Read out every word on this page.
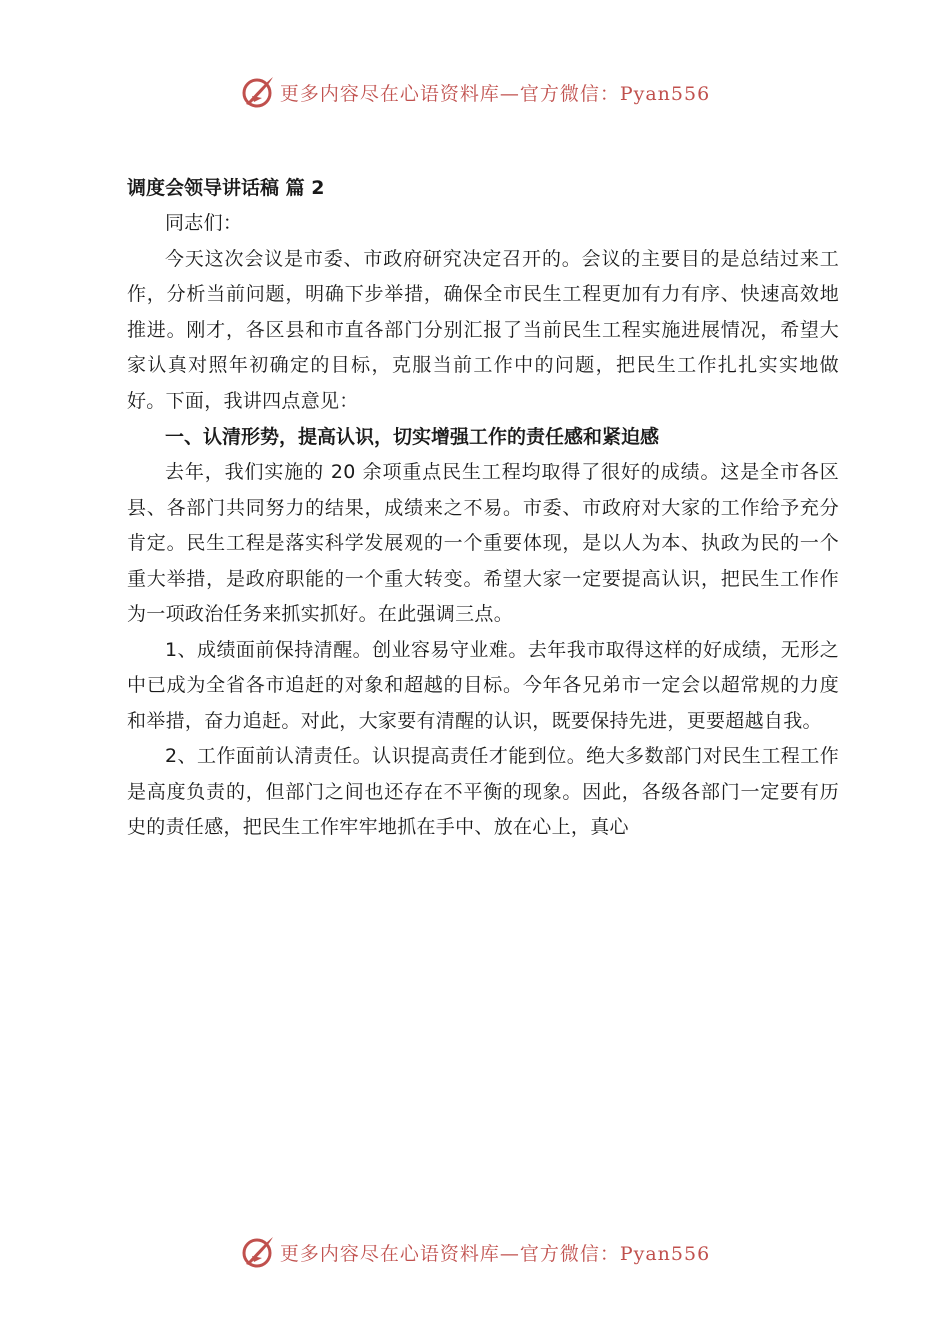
更多内容尽在心语资料库—官方微信：Pyan556

调度会领导讲话稿 篇 2

同志们：

今天这次会议是市委、市政府研究决定召开的。会议的主要目的是总结过来工作，分析当前问题，明确下步举措，确保全市民生工程更加有力有序、快速高效地推进。刚才，各区县和市直各部门分别汇报了当前民生工程实施进展情况，希望大家认真对照年初确定的目标，克服当前工作中的问题，把民生工作扎扎实实地做好。下面，我讲四点意见：

一、认清形势，提高认识，切实增强工作的责任感和紧迫感

去年，我们实施的 20 余项重点民生工程均取得了很好的成绩。这是全市各区县、各部门共同努力的结果，成绩来之不易。市委、市政府对大家的工作给予充分肯定。民生工程是落实科学发展观的一个重要体现，是以人为本、执政为民的一个重大举措，是政府职能的一个重大转变。希望大家一定要提高认识，把民生工作作为一项政治任务来抓实抓好。在此强调三点。

1、成绩面前保持清醒。创业容易守业难。去年我市取得这样的好成绩，无形之中已成为全省各市追赶的对象和超越的目标。今年各兄弟市一定会以超常规的力度和举措，奋力追赶。对此，大家要有清醒的认识，既要保持先进，更要超越自我。

2、工作面前认清责任。认识提高责任才能到位。绝大多数部门对民生工程工作是高度负责的，但部门之间也还存在不平衡的现象。因此，各级各部门一定要有历史的责任感，把民生工作牢牢地抓在手中、放在心上，真心

更多内容尽在心语资料库—官方微信：Pyan556
